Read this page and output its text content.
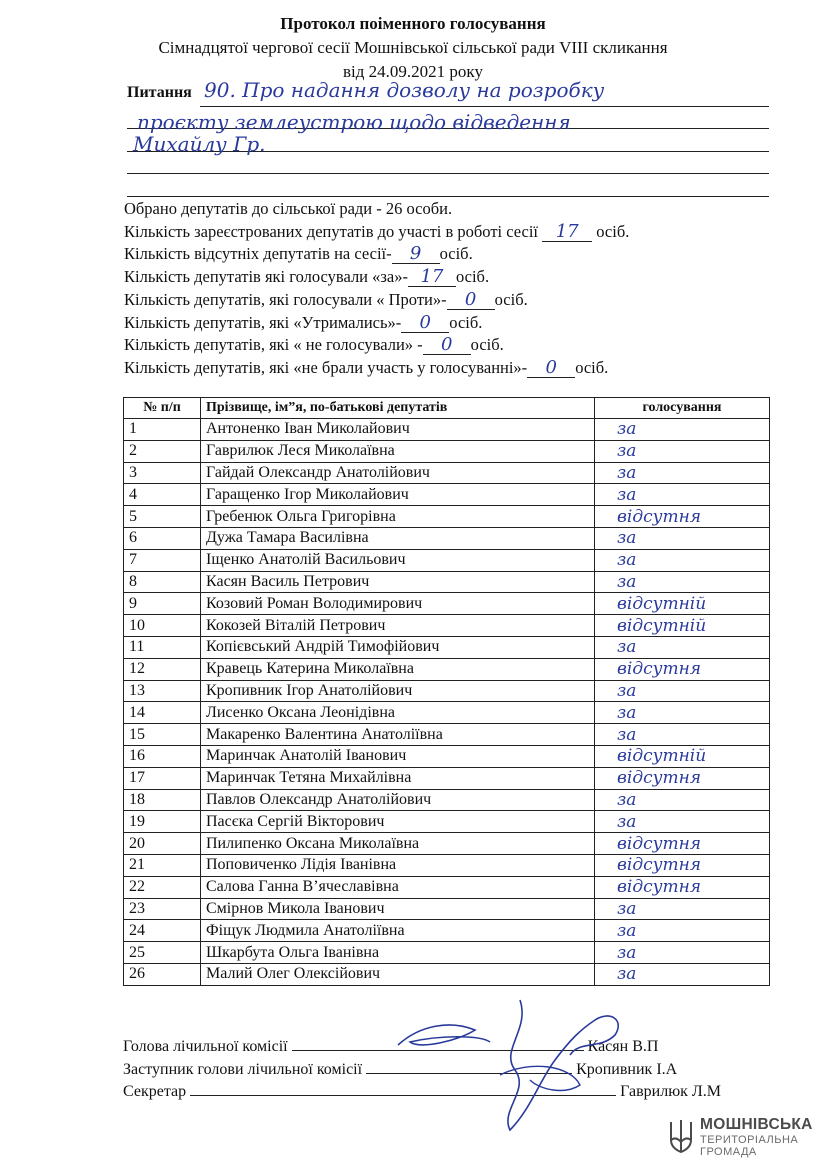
Протокол поіменного голосування
Сімнадцятої чергової сесії Мошнівської сільської ради VIII скликання
від 24.09.2021 року
Питання 90. Про надання дозволу на розробку
проєкту землеустрою щодо відведення
Михайлу Гр.
Обрано депутатів до сільської ради - 26 особи.
Кількість зареєстрованих депутатів до участі в роботі сесії 17 осіб.
Кількість відсутніх депутатів на сесії- 9 осіб.
Кількість депутатів які голосували «за»- 17 осіб.
Кількість депутатів, які голосували « Проти»- 0 осіб.
Кількість депутатів, які «Утримались»- 0 осіб.
Кількість депутатів, які « не голосували» - 0 осіб.
Кількість депутатів, які «не брали участь у голосуванні»- 0 осіб.
№ п/п	Прізвище, ім”я, по-батькові депутатів	голосування
1	Антоненко Іван Миколайович	за
2	Гаврилюк Леся Миколаївна	за
3	Гайдай Олександр Анатолійович	за
4	Гаращенко Ігор Миколайович	за
5	Гребенюк Ольга Григорівна	відсутня
6	Дужа Тамара Василівна	за
7	Іщенко Анатолій Васильович	за
8	Касян Василь Петрович	за
9	Козовий Роман Володимирович	відсутній
10	Кокозей Віталій Петрович	відсутній
11	Копієвський Андрій Тимофійович	за
12	Кравець Катерина Миколаївна	відсутня
13	Кропивник Ігор Анатолійович	за
14	Лисенко Оксана Леонідівна	за
15	Макаренко Валентина Анатоліївна	за
16	Маринчак Анатолій Іванович	відсутній
17	Маринчак Тетяна Михайлівна	відсутня
18	Павлов Олександр Анатолійович	за
19	Пасєка Сергій Вікторович	за
20	Пилипенко Оксана Миколаївна	відсутня
21	Поповиченко Лідія Іванівна	відсутня
22	Салова Ганна В’ячеславівна	відсутня
23	Смірнов Микола Іванович	за
24	Фіщук Людмила Анатоліївна	за
25	Шкарбута Ольга Іванівна	за
26	Малий Олег Олексійович	за
Голова лічильної комісії	Касян В.П
Заступник голови лічильної комісії	Кропивник І.А
Секретар	Гаврилюк Л.М
МОШНІВСЬКА
ТЕРИТОРІАЛЬНА
ГРОМАДА
